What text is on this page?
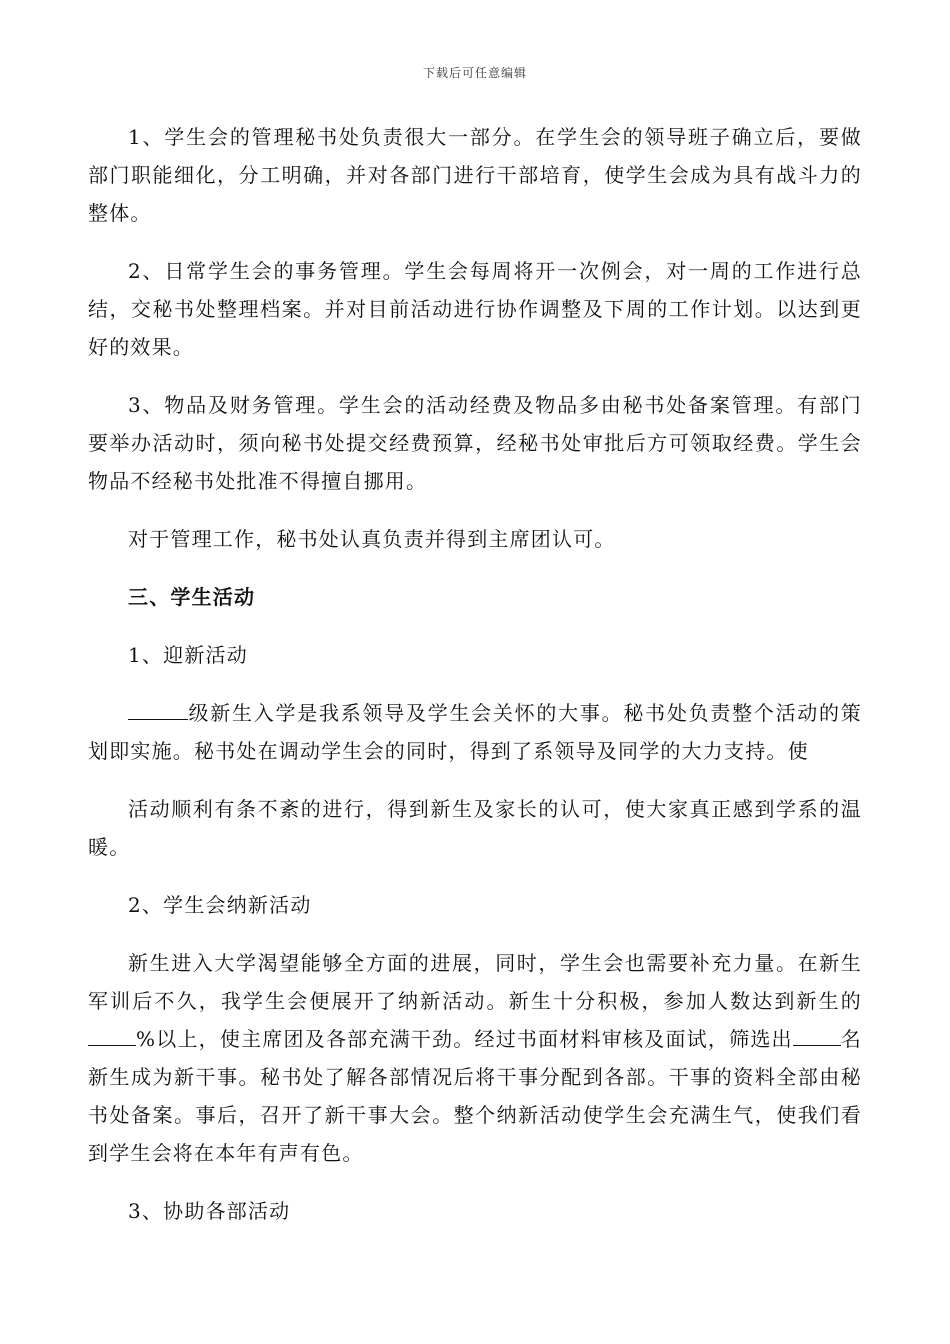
下载后可任意编辑

1、学生会的管理秘书处负责很大一部分。在学生会的领导班子确立后，要做部门职能细化，分工明确，并对各部门进行干部培育，使学生会成为具有战斗力的整体。

2、日常学生会的事务管理。学生会每周将开一次例会，对一周的工作进行总结，交秘书处整理档案。并对目前活动进行协作调整及下周的工作计划。以达到更好的效果。

3、物品及财务管理。学生会的活动经费及物品多由秘书处备案管理。有部门要举办活动时，须向秘书处提交经费预算，经秘书处审批后方可领取经费。学生会物品不经秘书处批准不得擅自挪用。

对于管理工作，秘书处认真负责并得到主席团认可。

三、学生活动

1、迎新活动

级新生入学是我系领导及学生会关怀的大事。秘书处负责整个活动的策划即实施。秘书处在调动学生会的同时，得到了系领导及同学的大力支持。使

活动顺利有条不紊的进行，得到新生及家长的认可，使大家真正感到学系的温暖。

2、学生会纳新活动

新生进入大学渴望能够全方面的进展，同时，学生会也需要补充力量。在新生军训后不久，我学生会便展开了纳新活动。新生十分积极，参加人数达到新生的%以上，使主席团及各部充满干劲。经过书面材料审核及面试，筛选出 名新生成为新干事。秘书处了解各部情况后将干事分配到各部。干事的资料全部由秘书处备案。事后，召开了新干事大会。整个纳新活动使学生会充满生气，使我们看到学生会将在本年有声有色。

3、协助各部活动
